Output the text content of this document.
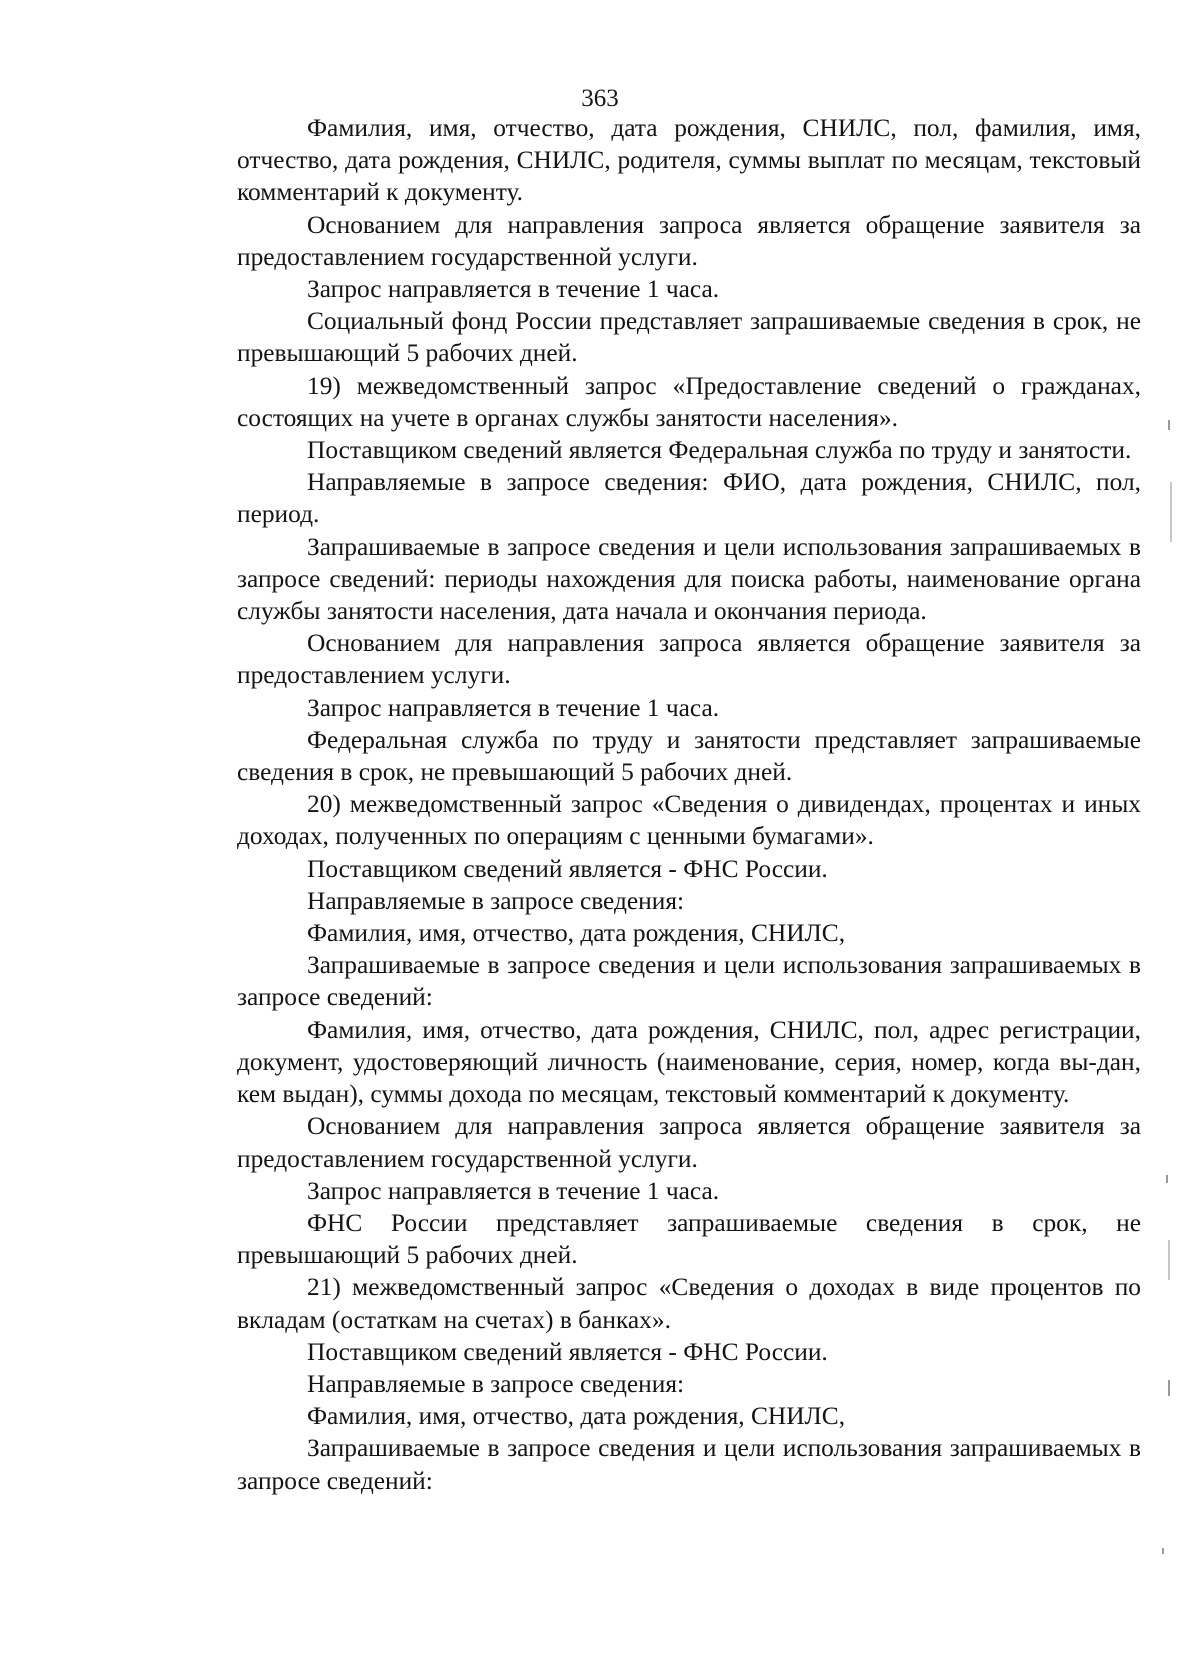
363

Фамилия, имя, отчество, дата рождения, СНИЛС, пол, фамилия, имя, отчество, дата рождения, СНИЛС, родителя, суммы выплат по месяцам, текстовый комментарий к документу.

Основанием для направления запроса является обращение заявителя за предоставлением государственной услуги.

Запрос направляется в течение 1 часа.

Социальный фонд России представляет запрашиваемые сведения в срок, не превышающий 5 рабочих дней.

19) межведомственный запрос «Предоставление сведений о гражданах, состоящих на учете в органах службы занятости населения».

Поставщиком сведений является Федеральная служба по труду и занятости.

Направляемые в запросе сведения: ФИО, дата рождения, СНИЛС, пол, период.

Запрашиваемые в запросе сведения и цели использования запрашиваемых в запросе сведений: периоды нахождения для поиска работы, наименование органа службы занятости населения, дата начала и окончания периода.

Основанием для направления запроса является обращение заявителя за предоставлением услуги.

Запрос направляется в течение 1 часа.

Федеральная служба по труду и занятости представляет запрашиваемые сведения в срок, не превышающий 5 рабочих дней.

20) межведомственный запрос «Сведения о дивидендах, процентах и иных доходах, полученных по операциям с ценными бумагами».

Поставщиком сведений является - ФНС России.

Направляемые в запросе сведения:

Фамилия, имя, отчество, дата рождения, СНИЛС,

Запрашиваемые в запросе сведения и цели использования запрашиваемых в запросе сведений:

Фамилия, имя, отчество, дата рождения, СНИЛС, пол, адрес регистрации, документ, удостоверяющий личность (наименование, серия, номер, когда вы-дан, кем выдан), суммы дохода по месяцам, текстовый комментарий к документу.

Основанием для направления запроса является обращение заявителя за предоставлением государственной услуги.

Запрос направляется в течение 1 часа.

ФНС России представляет запрашиваемые сведения в срок, не превышающий 5 рабочих дней.

21) межведомственный запрос «Сведения о доходах в виде процентов по вкладам (остаткам на счетах) в банках».

Поставщиком сведений является - ФНС России.

Направляемые в запросе сведения:

Фамилия, имя, отчество, дата рождения, СНИЛС,

Запрашиваемые в запросе сведения и цели использования запрашиваемых в запросе сведений:
